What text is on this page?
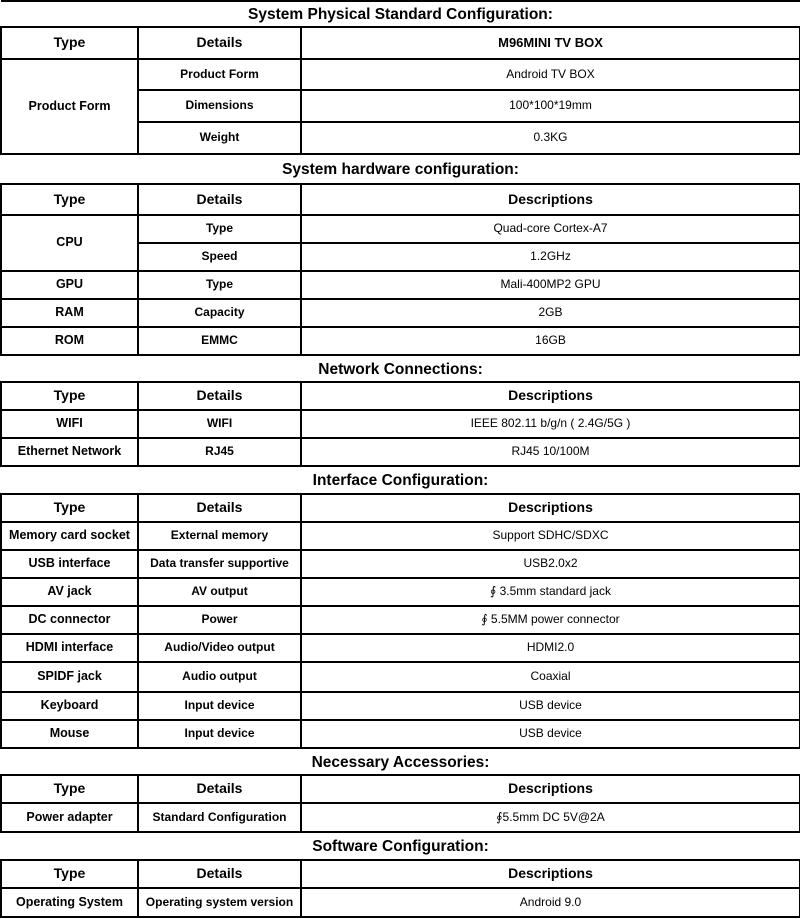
System Physical Standard Configuration:		
Type	Details	M96MINI TV BOX
Product Form	Product Form	Android TV BOX
	Dimensions	100*100*19mm
	Weight	0.3KG
System hardware configuration:		
Type	Details	Descriptions
CPU	Type	Quad-core Cortex-A7
	Speed	1.2GHz
GPU	Type	Mali-400MP2 GPU
RAM	Capacity	2GB
ROM	EMMC	16GB
Network Connections:		
Type	Details	Descriptions
WIFI	WIFI	IEEE 802.11 b/g/n ( 2.4G/5G )
Ethernet Network	RJ45	RJ45 10/100M
Interface Configuration:		
Type	Details	Descriptions
Memory card socket	External memory	Support SDHC/SDXC
USB interface	Data transfer supportive	USB2.0x2
AV jack	AV output	∮ 3.5mm standard jack
DC connector	Power	∮ 5.5MM power connector
HDMI interface	Audio/Video output	HDMI2.0
SPIDF jack	Audio output	Coaxial
Keyboard	Input device	USB device
Mouse	Input device	USB device
Necessary Accessories:		
Type	Details	Descriptions
Power adapter	Standard Configuration	∮5.5mm DC 5V@2A
Software Configuration:		
Type	Details	Descriptions
Operating System	Operating system version	Android 9.0
